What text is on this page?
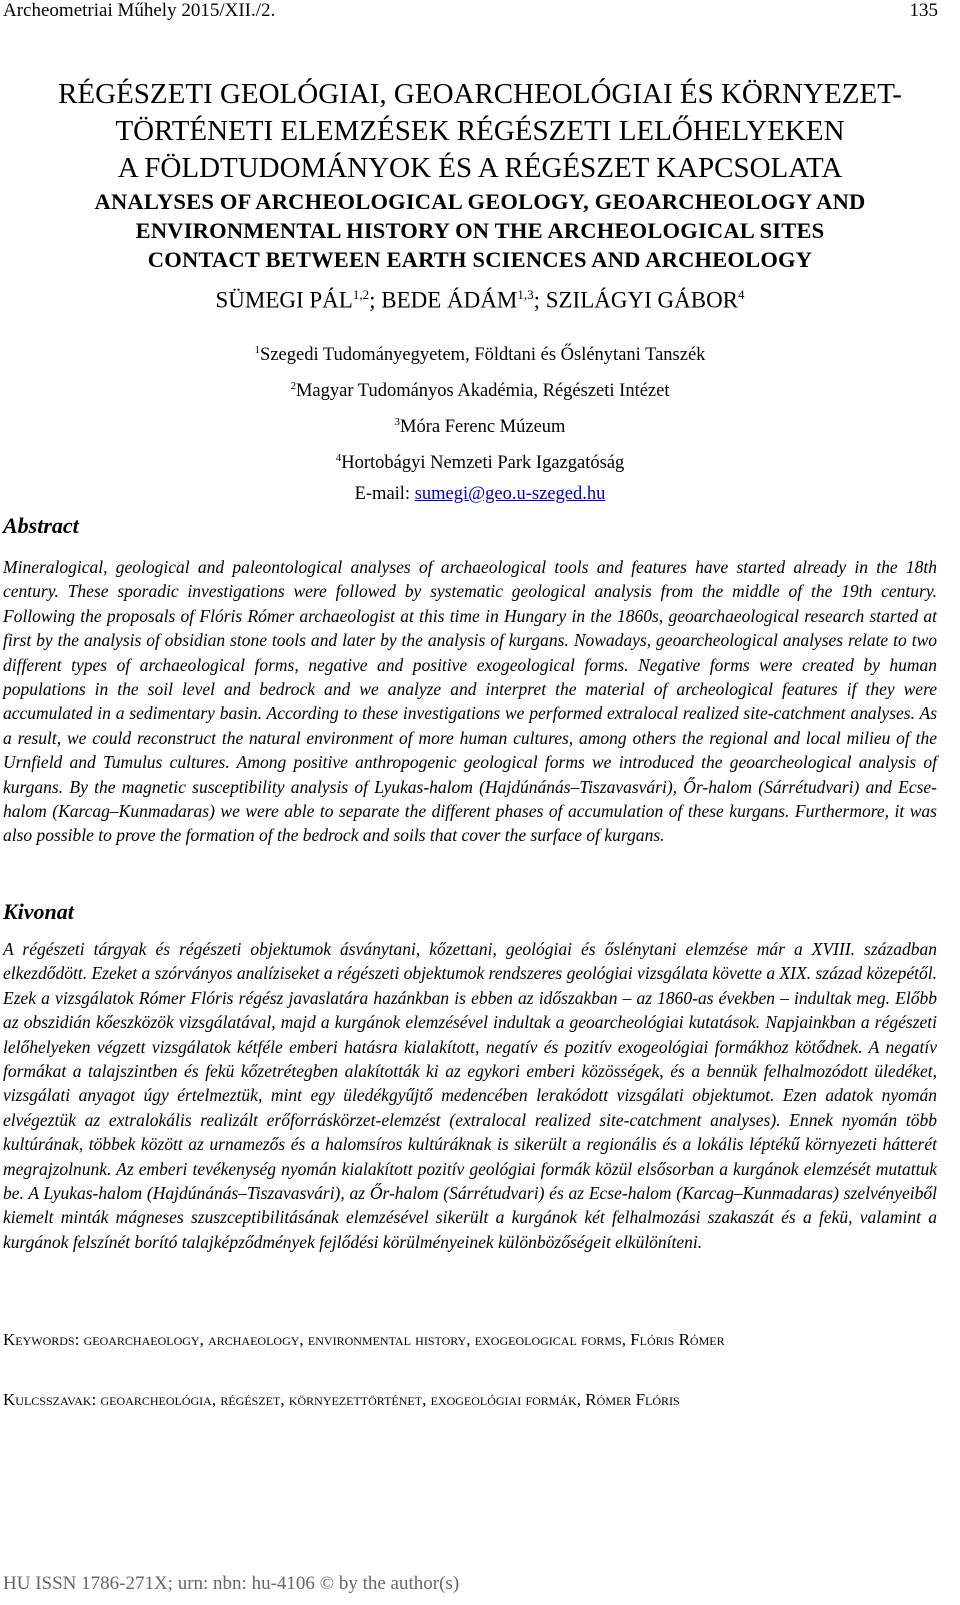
Archeometriai Műhely 2015/XII./2.	135
RÉGÉSZETI GEOLÓGIAI, GEOARCHEOLÓGIAI ÉS KÖRNYEZET-
TÖRTÉNETI ELEMZÉSEK RÉGÉSZETI LELŐHELYEKEN
A FÖLDTUDOMÁNYOK ÉS A RÉGÉSZET KAPCSOLATA
ANALYSES OF ARCHEOLOGICAL GEOLOGY, GEOARCHEOLOGY AND
ENVIRONMENTAL HISTORY ON THE ARCHEOLOGICAL SITES
CONTACT BETWEEN EARTH SCIENCES AND ARCHEOLOGY
SÜMEGI PÁL$^{1,2}$; BEDE ÁDÁM$^{1,3}$; SZILÁGYI GÁBOR$^4$
$^1$Szegedi Tudományegyetem, Földtani és Őslénytani Tanszék
$^2$Magyar Tudományos Akadémia, Régészeti Intézet
$^3$Móra Ferenc Múzeum
$^4$Hortobágyi Nemzeti Park Igazgatóság
E-mail: sumegi@geo.u-szeged.hu
Abstract
Mineralogical, geological and paleontological analyses of archaeological tools and features have started already in the 18th century. These sporadic investigations were followed by systematic geological analysis from the middle of the 19th century. Following the proposals of Flóris Rómer archaeologist at this time in Hungary in the 1860s, geoarchaeological research started at first by the analysis of obsidian stone tools and later by the analysis of kurgans. Nowadays, geoarcheological analyses relate to two different types of archaeological forms, negative and positive exogeological forms. Negative forms were created by human populations in the soil level and bedrock and we analyze and interpret the material of archeological features if they were accumulated in a sedimentary basin. According to these investigations we performed extralocal realized site-catchment analyses. As a result, we could reconstruct the natural environment of more human cultures, among others the regional and local milieu of the Urnfield and Tumulus cultures. Among positive anthropogenic geological forms we introduced the geoarcheological analysis of kurgans. By the magnetic susceptibility analysis of Lyukas-halom (Hajdúnánás–Tiszavasvári), Őr-halom (Sárrétudvari) and Ecse-halom (Karcag–Kunmadaras) we were able to separate the different phases of accumulation of these kurgans. Furthermore, it was also possible to prove the formation of the bedrock and soils that cover the surface of kurgans.
Kivonat
A régészeti tárgyak és régészeti objektumok ásványtani, kőzettani, geológiai és őslénytani elemzése már a XVIII. században elkezdődött. Ezeket a szórványos analíziseket a régészeti objektumok rendszeres geológiai vizsgálata követte a XIX. század közepétől. Ezek a vizsgálatok Rómer Flóris régész javaslatára hazánkban is ebben az időszakban – az 1860-as években – indultak meg. Előbb az obszidián kőeszközök vizsgálatával, majd a kurgánok elemzésével indultak a geoarcheológiai kutatások. Napjainkban a régészeti lelőhelyeken végzett vizsgálatok kétféle emberi hatásra kialakított, negatív és pozitív exogeológiai formákhoz kötődnek. A negatív formákat a talajszintben és fekü kőzetrétegben alakították ki az egykori emberi közösségek, és a bennük felhalmozódott üledéket, vizsgálati anyagot úgy értelmeztük, mint egy üledékgyűjtő medencében lerakódott vizsgálati objektumot. Ezen adatok nyomán elvégeztük az extralokális realizált erőforráskörzet-elemzést (extralocal realized site-catchment analyses). Ennek nyomán több kultúrának, többek között az urnamezős és a halomsíros kultúráknak is sikerült a regionális és a lokális léptékű környezeti hátterét megrajzolnunk. Az emberi tevékenység nyomán kialakított pozitív geológiai formák közül elsősorban a kurgánok elemzését mutattuk be. A Lyukas-halom (Hajdúnánás–Tiszavasvári), az Őr-halom (Sárrétudvari) és az Ecse-halom (Karcag–Kunmadaras) szelvényeiből kiemelt minták mágneses szuszceptibilitásának elemzésével sikerült a kurgánok két felhalmozási szakaszát és a fekü, valamint a kurgánok felszínét borító talajképződmények fejlődési körülményeinek különbözőségeit elkülöníteni.
Keywords: geoarchaeology, archaeology, environmental history, exogeological forms, Flóris Rómer
Kulcsszavak: geoarcheológia, régészet, környezettörténet, exogeológiai formák, Rómer Flóris
HU ISSN 1786-271X; urn: nbn: hu-4106 © by the author(s)
